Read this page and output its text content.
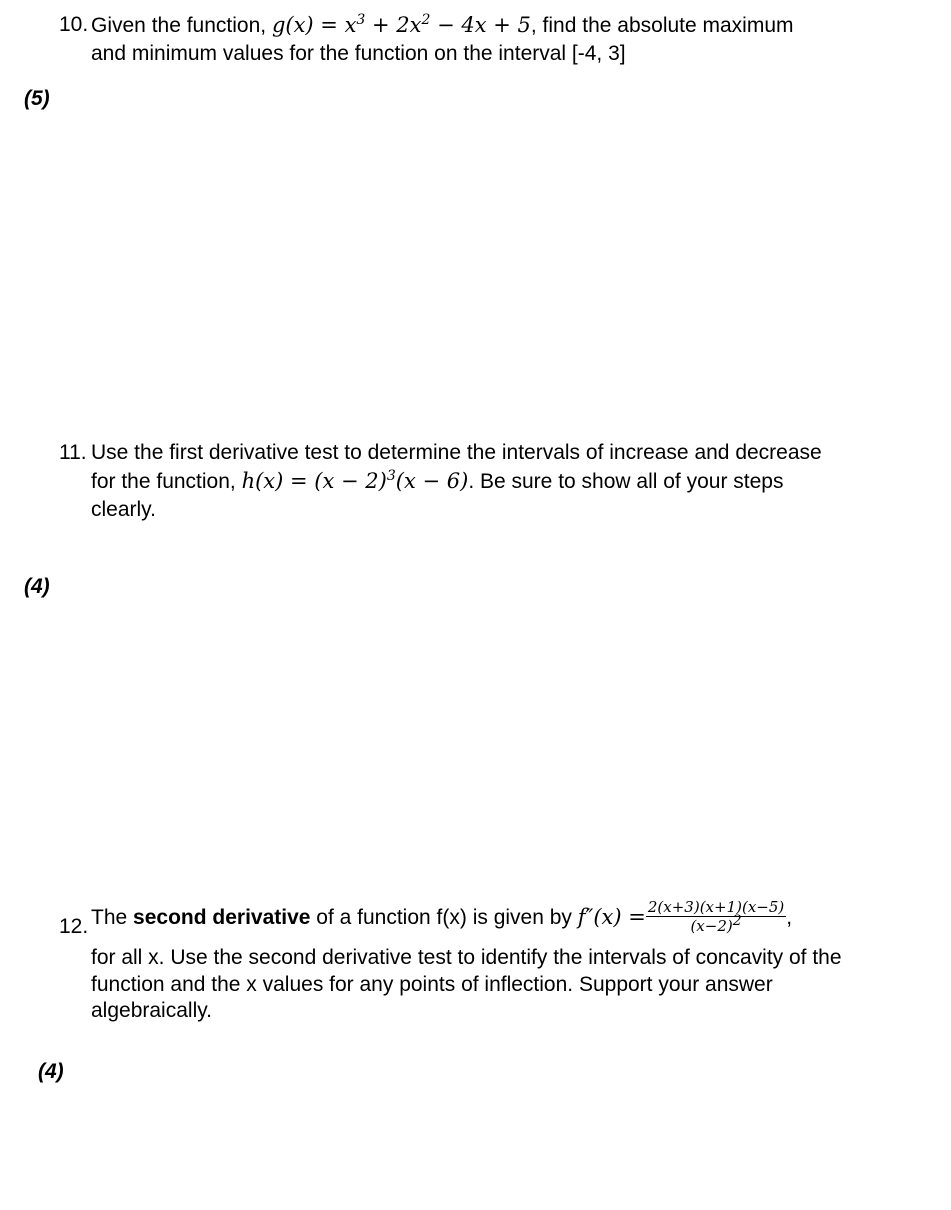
10. Given the function, $g(x) = x^3 + 2x^2 - 4x + 5$, find the absolute maximum
and minimum values for the function on the interval [-4, 3]
(5)
11. Use the first derivative test to determine the intervals of increase and decrease
for the function, $h(x) = (x - 2)^3(x - 6)$. Be sure to show all of your steps
clearly.
(4)
12. The second derivative of a function f(x) is given by $f''(x) = \frac{2(x+3)(x+1)(x-5)}{(x-2)^2}$ ,
for all x. Use the second derivative test to identify the intervals of concavity of the
function and the x values for any points of inflection. Support your answer
algebraically.
(4)
